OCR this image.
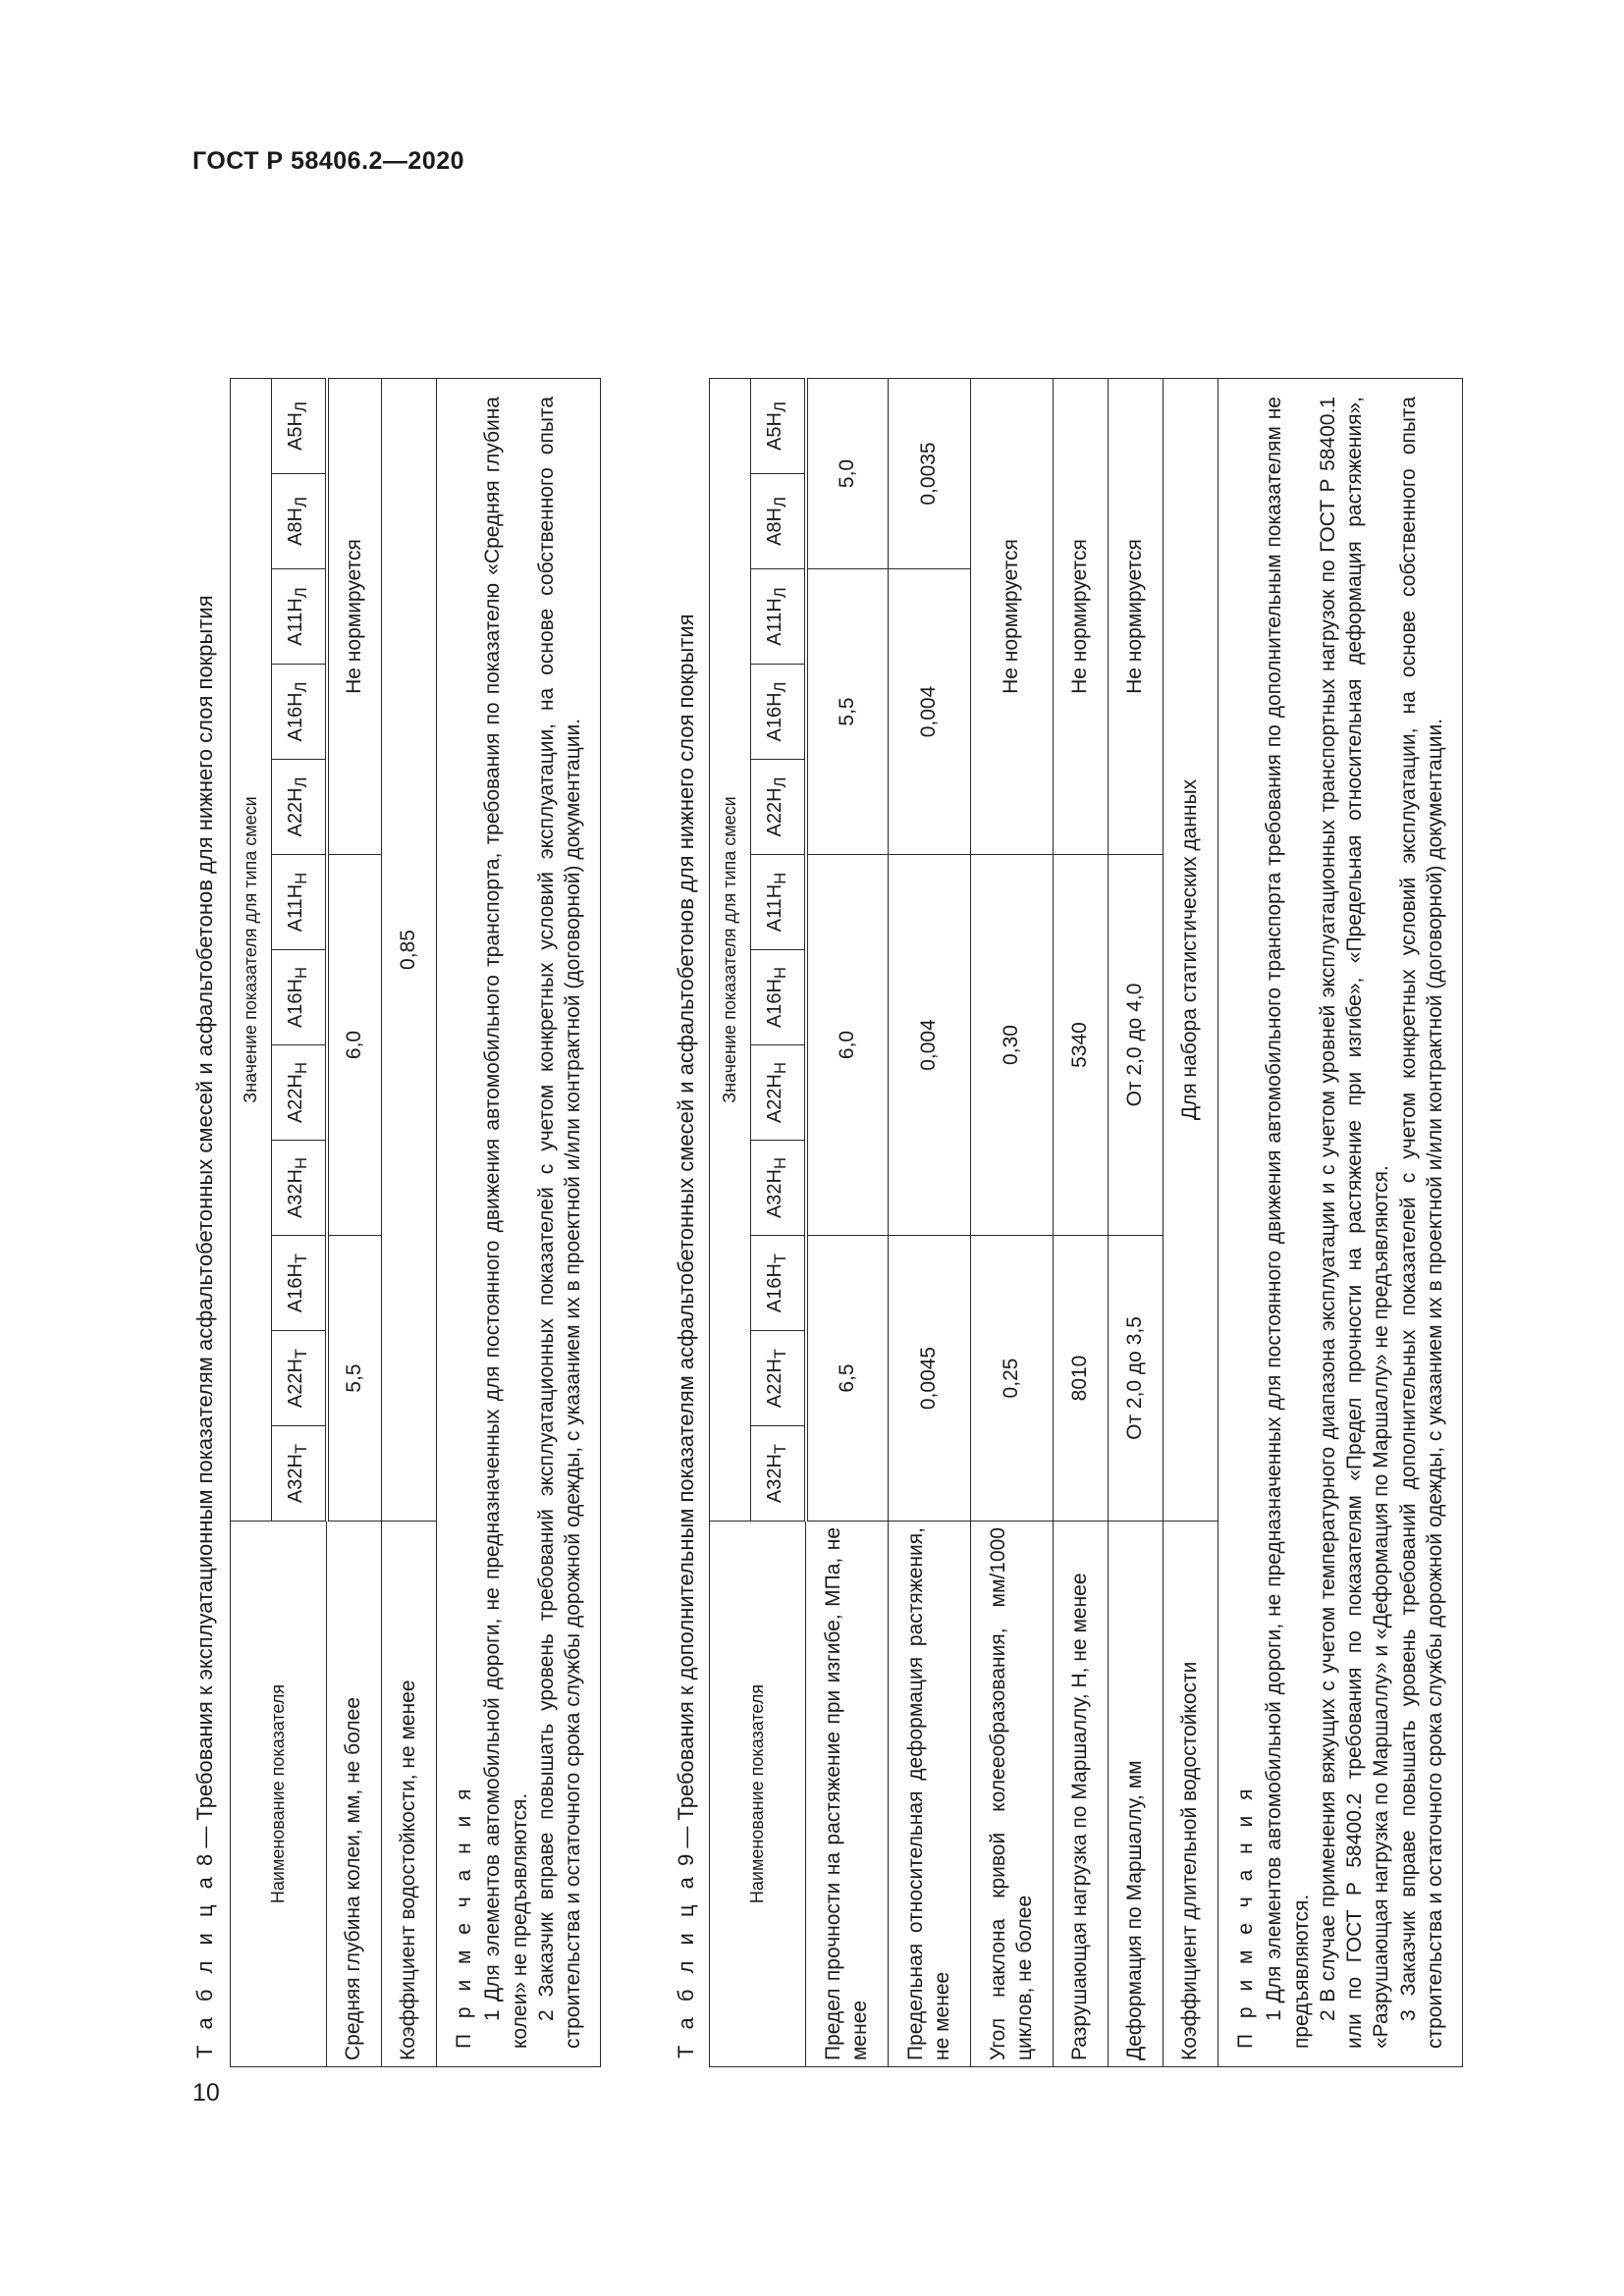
ГОСТ Р 58406.2—2020
10
Т а б л и ц а 8 — Требования к эксплуатационным показателям асфальтобетонных смесей и асфальтобетонов для нижнего слоя покрытия	Наименование показателя	Значение показателя для типа смеси											
	$А32Н_Т$	$А22Н_Т$	$А16Н_Т$	$А32Н_Н$	$А22Н_Н$	$А16Н_Н$	$А11Н_Н$	$А22Н_Л$	$А16Н_Л$	$А11Н_Л$	$А8Н_Л$	$А5Н_Л$
Средняя глубина колеи, мм, не более	5,5			6,0				Не нормируется				
Коэффициент водостойкости, не менее	0,85											

П р и м е ч а н и я 1 Для элементов автомобильной дороги, не предназначенных для постоянного движения автомобильного транспорта, требования по показателю «Средняя глубина колеи» не предъявляются. 2 Заказчик вправе повышать уровень требований эксплуатационных показателей с учетом конкретных условий эксплуатации, на основе собственного опыта строительства и остаточного срока службы дорожной одежды, с указанием их в проектной и/или контрактной (договорной) документации.													Т а б л и ц а 9 — Требования к дополнительным показателям асфальтобетонных смесей и асфальтобетонов для нижнего слоя покрытия	Наименование показателя	Значение показателя для типа смеси											
	$А32Н_Т$	$А22Н_Т$	$А16Н_Т$	$А32Н_Н$	$А22Н_Н$	$А16Н_Н$	$А11Н_Н$	$А22Н_Л$	$А16Н_Л$	$А11Н_Л$	$А8Н_Л$	$А5Н_Л$
Предел прочности на растяжение при изгибе, МПа, не менее	6,5			6,0				5,5			5,0	
Предельная относительная деформация растяжения, не менее	0,0045			0,004				0,004			0,0035	
Угол наклона кривой колеeобразования, мм/1000 циклов, не более	0,25			0,30				Не нормируется				
Разрушающая нагрузка по Маршаллу, Н, не менее	8010			5340				Не нормируется				
Деформация по Маршаллу, мм	От 2,0 до 3,5			От 2,0 до 4,0				Не нормируется				
Коэффициент длительной водостойкости	Для набора статистических данных											

П р и м е ч а н и я 1 Для элементов автомобильной дороги, не предназначенных для постоянного движения автомобильного транспорта требования по дополнительным показателям не предъявляются. 2 В случае применения вяжущих с учетом температурного диапазона эксплуатации и с учетом уровней эксплуатационных транспортных нагрузок по ГОСТ Р 58400.1 или по ГОСТ Р 58400.2 требования по показателям «Предел прочности на растяжение при изгибе», «Предельная относительная деформация растяжения», «Разрушающая нагрузка по Маршаллу» и «Деформация по Маршаллу» не предъявляются. 3 Заказчик вправе повышать уровень требований дополнительных показателей с учетом конкретных условий эксплуатации, на основе собственного опыта строительства и остаточного срока службы дорожной одежды, с указанием их в проектной и/или контрактной (договорной) документации.												
